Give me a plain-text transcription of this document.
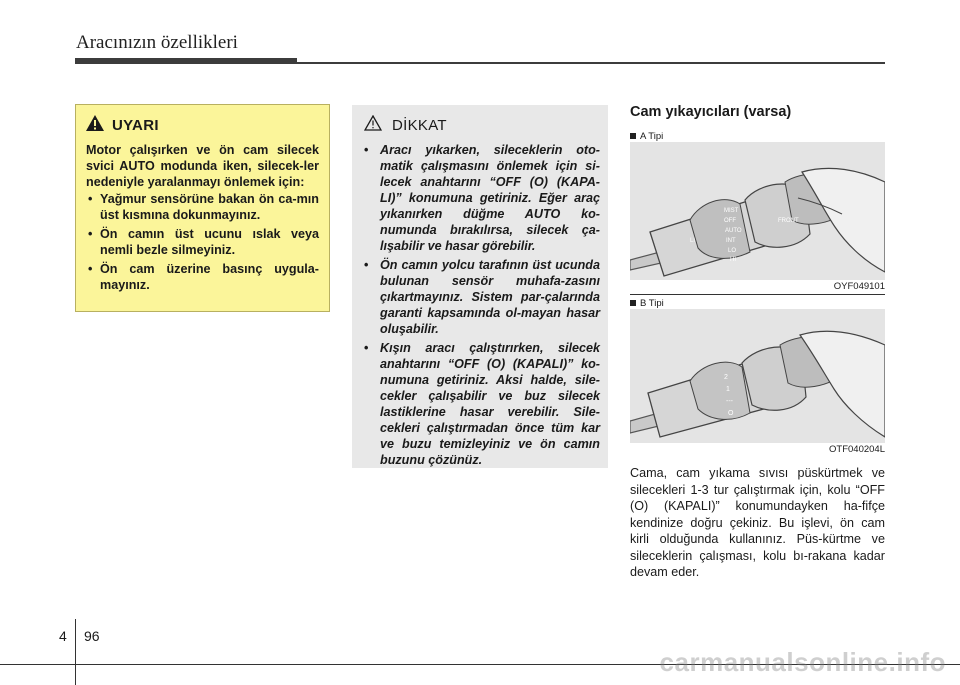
Aracınızın özellikleri
UYARI

Motor çalışırken ve ön cam silecek svici AUTO modunda iken, silecek-ler nedeniyle yaralanmayı önlemek için:

• Yağmur sensörüne bakan ön ca-mın üst kısmına dokunmayınız.
• Ön camın üst ucunu ıslak veya nemli bezle silmeyiniz.
• Ön cam üzerine basınç uygula-mayınız.
DİKKAT
• Aracı yıkarken, sileceklerin oto-matik çalışmasını önlemek için si-lecek anahtarını “OFF (O) (KAPA-LI)” konumuna getiriniz. Eğer araç yıkanırken düğme AUTO ko-numunda bırakılırsa, silecek ça-lışabilir ve hasar görebilir.
• Ön camın yolcu tarafının üst ucunda bulunan sensör muhafa-zasını çıkartmayınız. Sistem par-çalarında garanti kapsamında ol-mayan hasar oluşabilir.
• Kışın aracı çalıştırırken, silecek anahtarını “OFF (O) (KAPALI)” ko-numuna getiriniz. Aksi halde, sile-cekler çalışabilir ve buz silecek lastiklerine hasar verebilir. Sile-cekleri çalıştırmadan önce tüm kar ve buzu temizleyiniz ve ön camın buzunu çözünüz.
Cam yıkayıcıları (varsa)
A Tipi
MIST
OFF
AUTO
INT
LO
HI
FRONT
LI
OYF049101
B Tipi
2
1
---
O
OTF040204L

Cama, cam yıkama sıvısı püskürtmek ve silecekleri 1-3 tur çalıştırmak için, kolu “OFF (O) (KAPALI)” konumundayken ha-fifçe kendinize doğru çekiniz. Bu işlevi, ön cam kirli olduğunda kullanınız. Püs-kürtme ve sileceklerin çalışması, kolu bı-rakana kadar devam eder.

4 96
carmanualsonline.info
